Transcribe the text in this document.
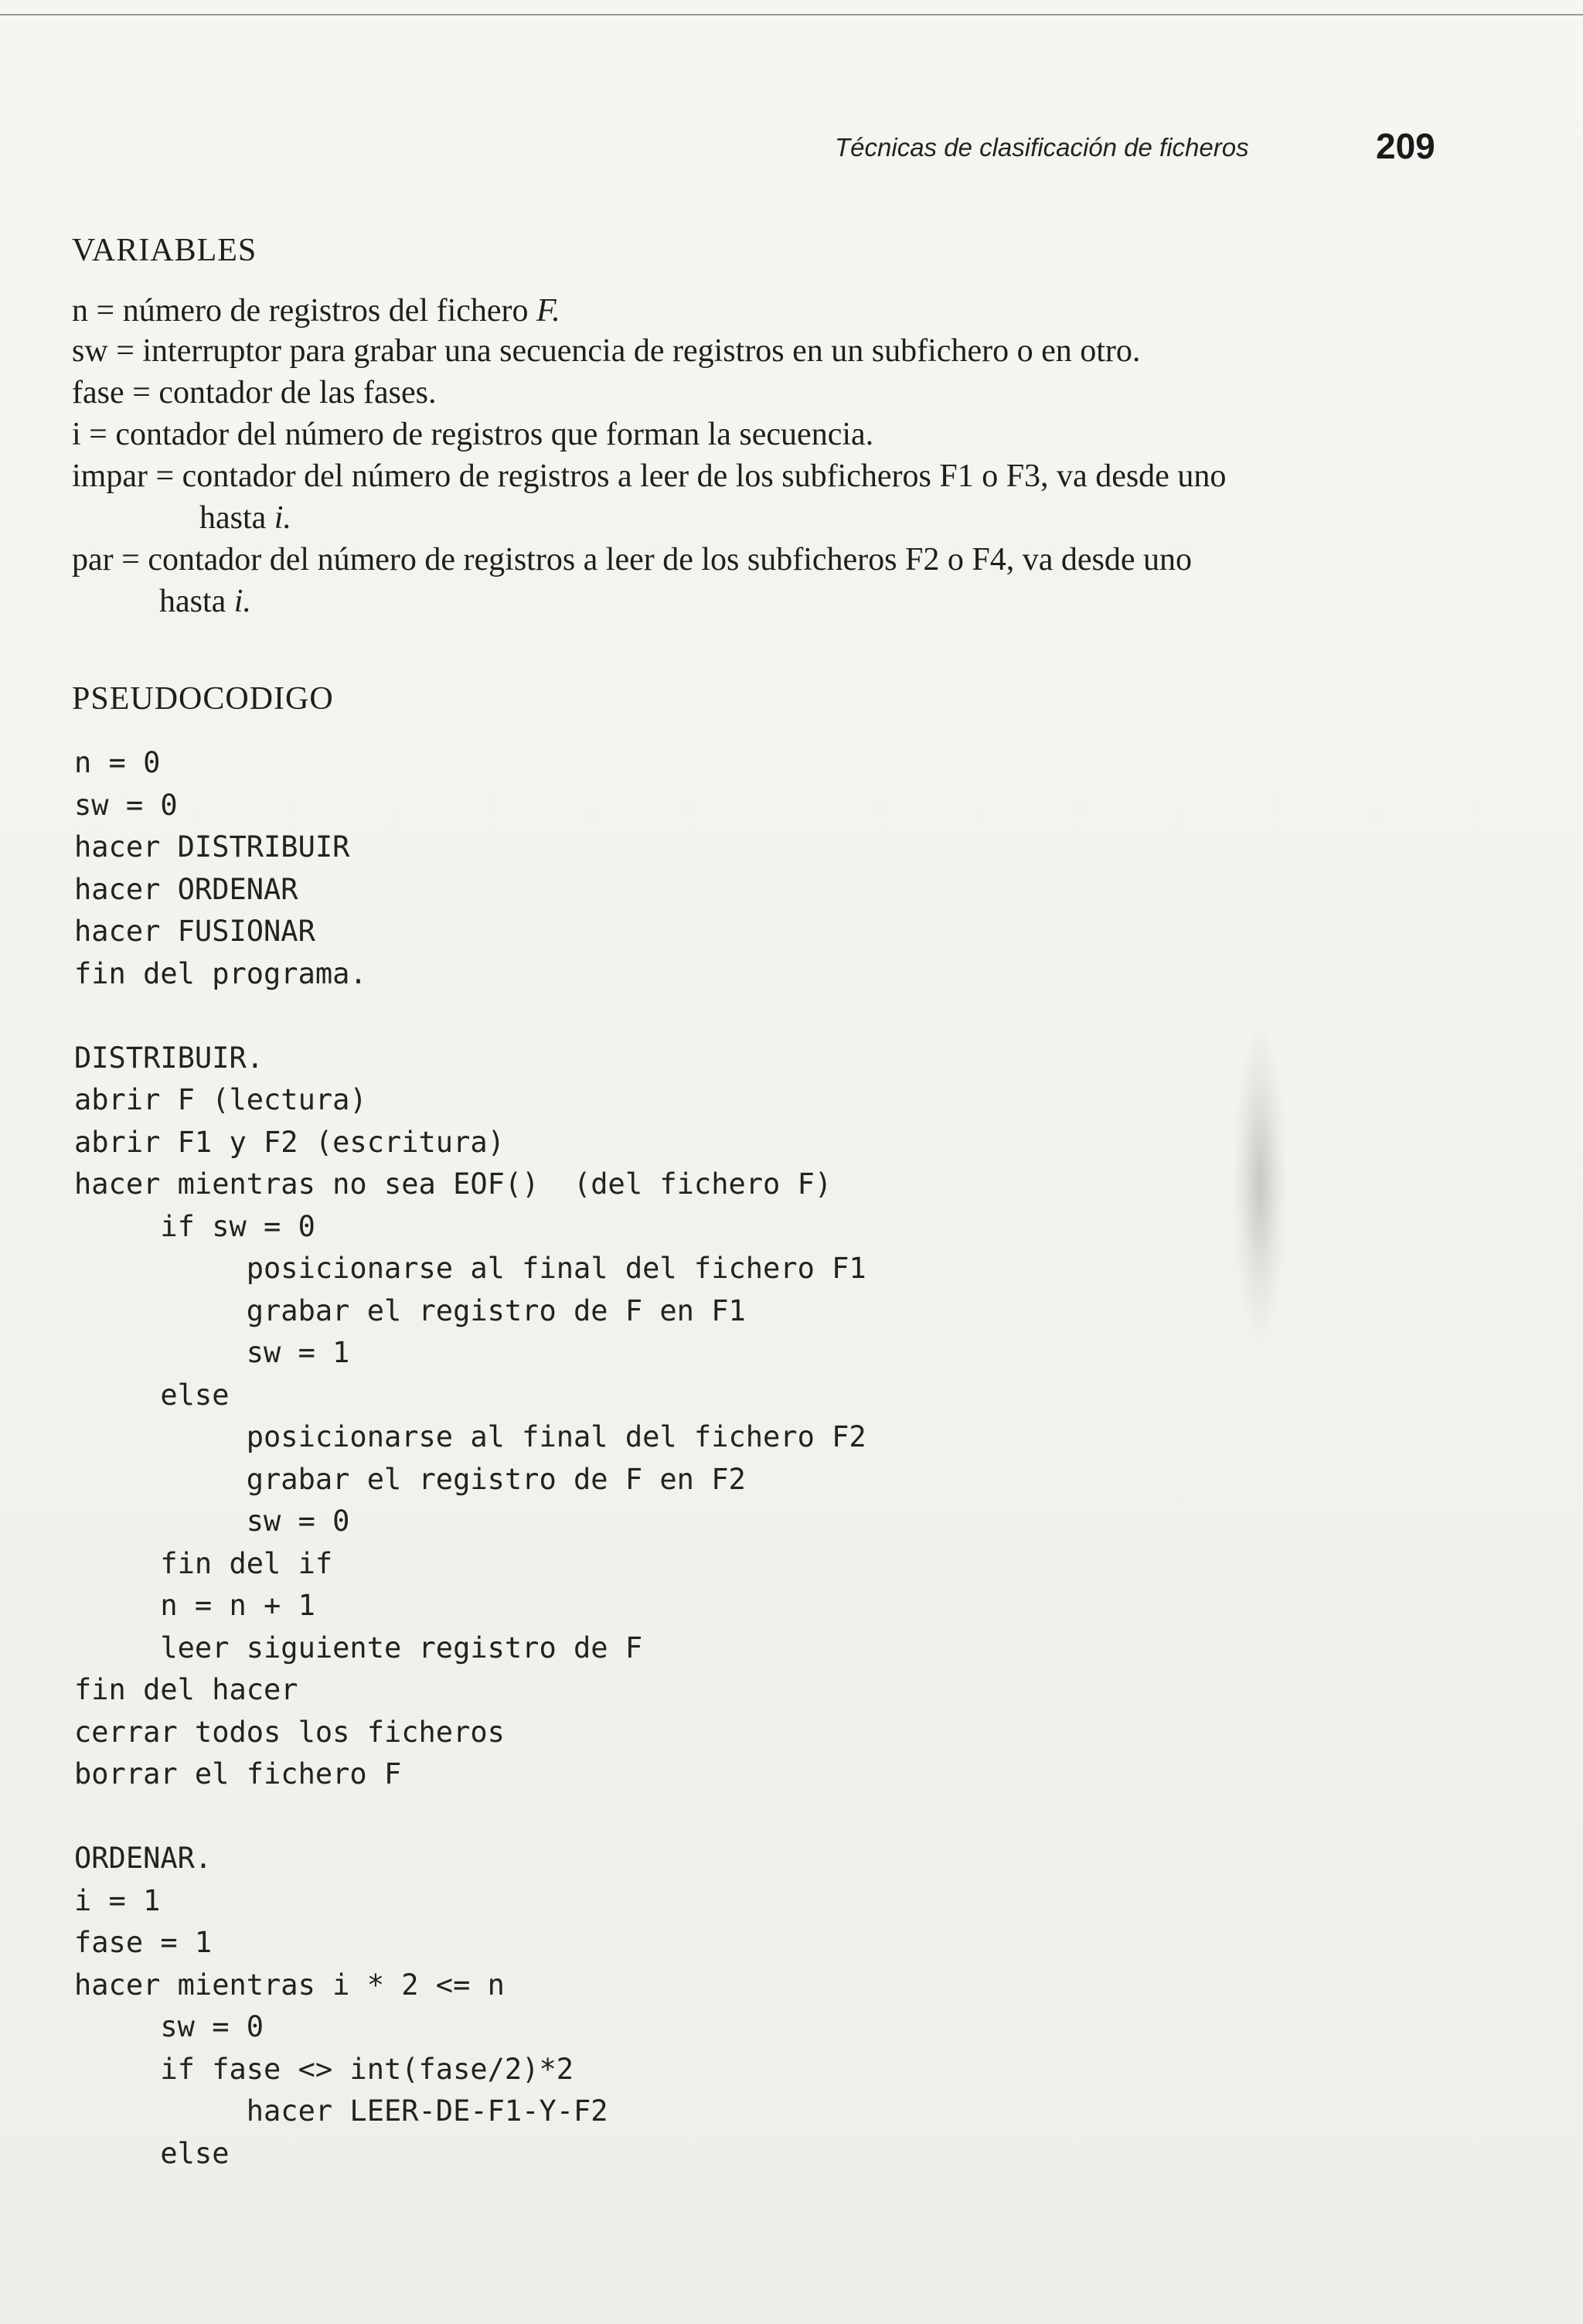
Técnicas de clasificación de ficheros	209
VARIABLES
n = número de registros del fichero F.
sw = interruptor para grabar una secuencia de registros en un subfichero o en otro.
fase = contador de las fases.
i = contador del número de registros que forman la secuencia.
impar = contador del número de registros a leer de los subficheros F1 o F3, va desde uno
hasta i.
par = contador del número de registros a leer de los subficheros F2 o F4, va desde uno
hasta i.
PSEUDOCODIGO
n = 0
sw = 0
hacer DISTRIBUIR
hacer ORDENAR
hacer FUSIONAR
fin del programa.
DISTRIBUIR.
abrir F (lectura)
abrir F1 y F2 (escritura)
hacer mientras no sea EOF()  (del fichero F)
if sw = 0
posicionarse al final del fichero F1
grabar el registro de F en F1
sw = 1
else
posicionarse al final del fichero F2
grabar el registro de F en F2
sw = 0
fin del if
n = n + 1
leer siguiente registro de F
fin del hacer
cerrar todos los ficheros
borrar el fichero F
ORDENAR.
i = 1
fase = 1
hacer mientras i * 2 <= n
sw = 0
if fase <> int(fase/2)*2
hacer LEER-DE-F1-Y-F2
else
